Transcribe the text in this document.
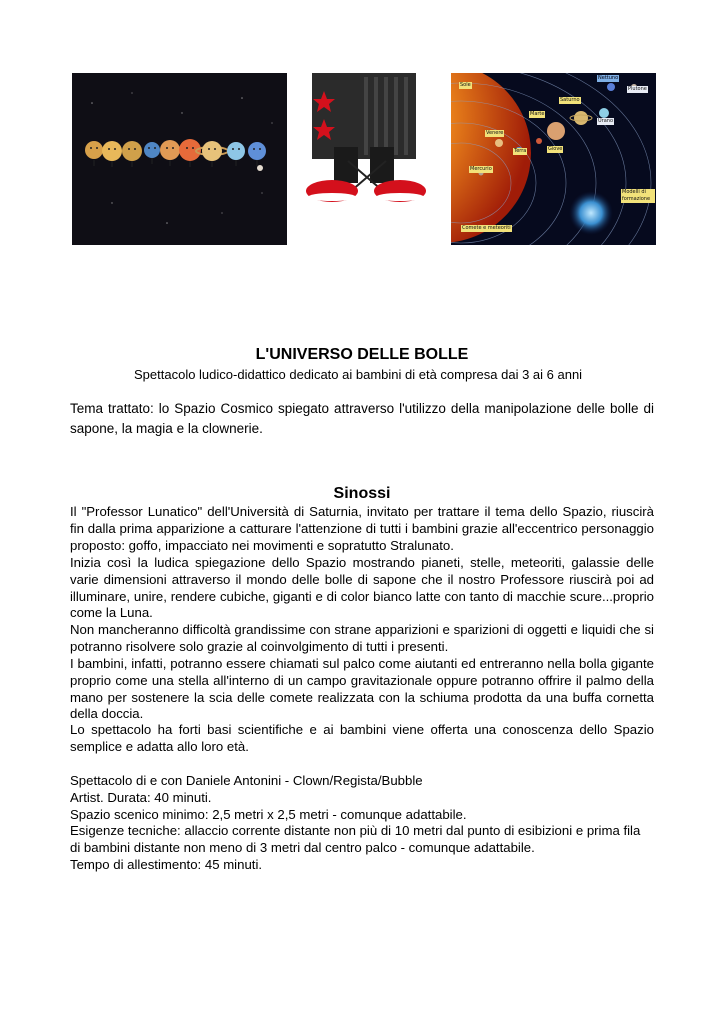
Sole
Nettuno
Plutone
Saturno
Urano
Venere
Giove
Marte
Terra
Mercurio
Modelli di formazione
Comete e meteoriti
L'UNIVERSO DELLE BOLLE
Spettacolo ludico-didattico dedicato ai bambini di età compresa dai 3 ai 6 anni
Tema trattato: lo Spazio Cosmico spiegato attraverso l'utilizzo della manipolazione delle bolle di sapone, la magia e la clownerie.
Sinossi
Il "Professor Lunatico" dell'Università di Saturnia, invitato per trattare il tema dello Spazio, riuscirà fin dalla prima apparizione a catturare l'attenzione di tutti i bambini grazie all'eccentrico personaggio proposto: goffo, impacciato nei movimenti e sopratutto Stralunato.
Inizia così la ludica spiegazione dello Spazio mostrando pianeti, stelle, meteoriti, galassie delle varie dimensioni attraverso il mondo delle bolle di sapone che il nostro Professore riuscirà poi ad illuminare, unire, rendere cubiche, giganti e di color bianco latte con tanto di macchie scure...proprio come la Luna.
Non mancheranno difficoltà grandissime con strane apparizioni e sparizioni di oggetti e liquidi che si potranno risolvere solo grazie al coinvolgimento di tutti i presenti.
I bambini, infatti, potranno essere chiamati sul palco come aiutanti ed entreranno nella bolla gigante proprio come una stella all'interno di un campo gravitazionale oppure potranno offrire il palmo della mano per sostenere la scia delle comete realizzata con la schiuma prodotta da una buffa cornetta della doccia.
Lo spettacolo ha forti basi scientifiche e ai bambini viene offerta una conoscenza dello Spazio semplice e adatta allo loro età.
Spettacolo di e con Daniele Antonini - Clown/Regista/Bubble
Artist. Durata: 40 minuti.
Spazio scenico minimo: 2,5 metri x 2,5 metri - comunque adattabile.
Esigenze tecniche: allaccio corrente distante non più di 10 metri dal punto di esibizioni e prima fila di bambini distante non meno di 3 metri dal centro palco - comunque adattabile.
Tempo di allestimento: 45 minuti.
